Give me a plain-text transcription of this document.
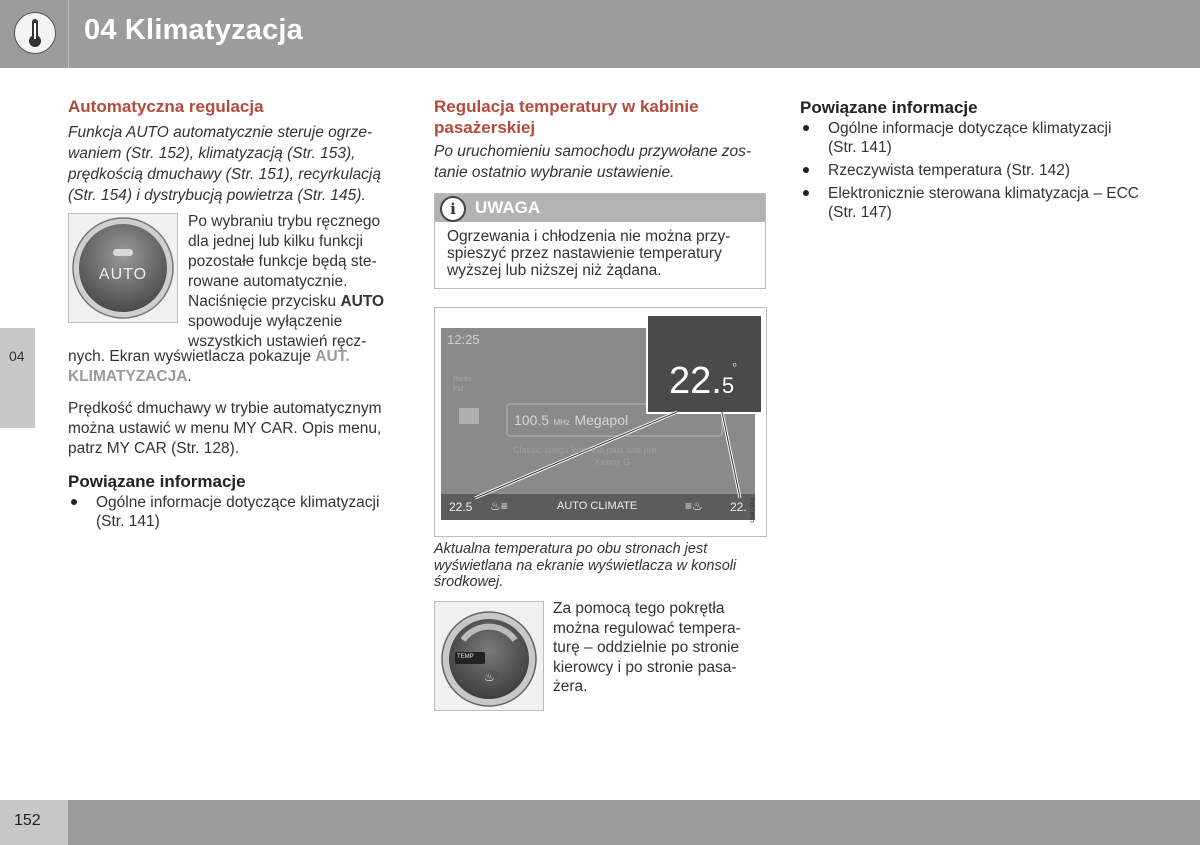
04 Klimatyzacja
04

Automatyczna regulacja

Funkcja AUTO automatycznie steruje ogrzewaniem (Str. 152), klimatyzacją (Str. 153), prędkością dmuchawy (Str. 151), recyrkulacją (Str. 154) i dystrybucją powietrza (Str. 145).

AUTO

Po wybraniu trybu ręcznego

dla jednej lub kilku funkcji

pozostałe funkcje będą ste-

rowane automatycznie.

Naciśnięcie przycisku AUTO

spowoduje wyłączenie

wszystkich ustawień ręcz-

nych. Ekran wyświetlacza pokazuje AUT.

KLIMATYZACJA.

Prędkość dmuchawy w trybie automatycznym można ustawić w menu MY CAR. Opis menu, patrz MY CAR (Str. 128).

Powiązane informacje

Ogólne informacje dotyczące klimatyzacji (Str. 141)

Regulacja temperatury w kabinie pasażerskiej

Po uruchomieniu samochodu przywołane zostanie ostatnio wybranie ustawienie.

i	UWAGA
Ogrzewania i chłodzenia nie można przyspieszyć przez nastawienie temperatury wyższej lub niższej niż żądana.
12:25
Radio
FM
100.5 MHz Megapol
Classic songs from the past and pre
Kenny G
22.5
°
22.5 ♨≡	AUTO CLIMATE	≡♨ 22. G047343
Aktualna temperatura po obu stronach jest wyświetlana na ekranie wyświetlacza w konsoli środkowej.
TEMP
♨

Za pomocą tego pokrętła

można regulować tempera-

turę – oddzielnie po stronie

kierowcy i po stronie pasa-

żera.

Powiązane informacje

Ogólne informacje dotyczące klimatyzacji (Str. 141)
Rzeczywista temperatura (Str. 142)
Elektronicznie sterowana klimatyzacja – ECC (Str. 147)
152
